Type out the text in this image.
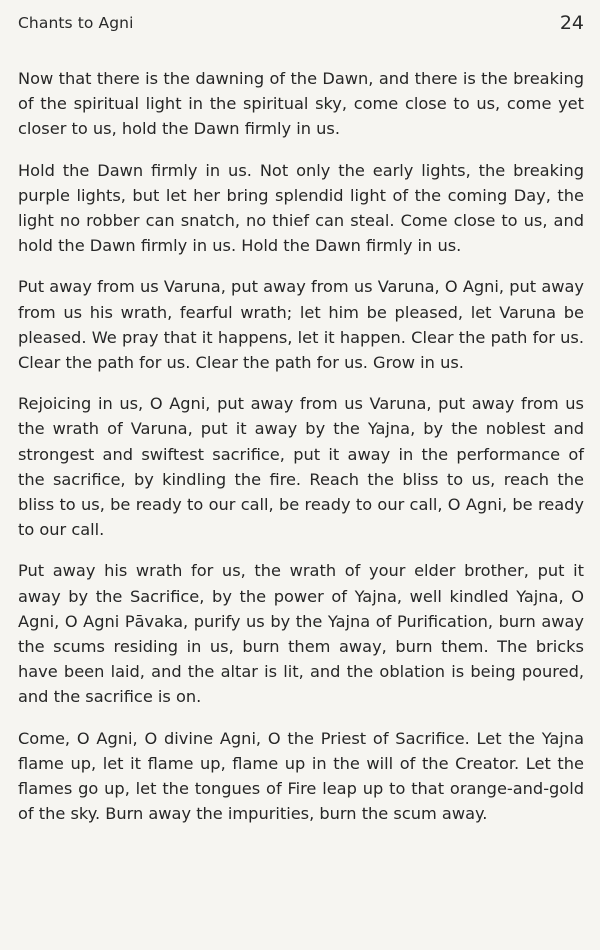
Chants to Agni	24

Now that there is the dawning of the Dawn, and there is the breaking of the spiritual light in the spiritual sky, come close to us, come yet closer to us, hold the Dawn firmly in us.

Hold the Dawn firmly in us. Not only the early lights, the breaking purple lights, but let her bring splendid light of the coming Day, the light no robber can snatch, no thief can steal. Come close to us, and hold the Dawn firmly in us. Hold the Dawn firmly in us.

Put away from us Varuna, put away from us Varuna, O Agni, put away from us his wrath, fearful wrath; let him be pleased, let Varuna be pleased. We pray that it happens, let it happen. Clear the path for us. Clear the path for us. Clear the path for us. Grow in us.

Rejoicing in us, O Agni, put away from us Varuna, put away from us the wrath of Varuna, put it away by the Yajna, by the noblest and strongest and swiftest sacrifice, put it away in the performance of the sacrifice, by kindling the fire. Reach the bliss to us, reach the bliss to us, be ready to our call, be ready to our call, O Agni, be ready to our call.

Put away his wrath for us, the wrath of your elder brother, put it away by the Sacrifice, by the power of Yajna, well kindled Yajna, O Agni, O Agni Pāvaka, purify us by the Yajna of Purification, burn away the scums residing in us, burn them away, burn them. The bricks have been laid, and the altar is lit, and the oblation is being poured, and the sacrifice is on.

Come, O Agni, O divine Agni, O the Priest of Sacrifice. Let the Yajna flame up, let it flame up, flame up in the will of the Creator. Let the flames go up, let the tongues of Fire leap up to that orange-and-gold of the sky. Burn away the impurities, burn the scum away.
